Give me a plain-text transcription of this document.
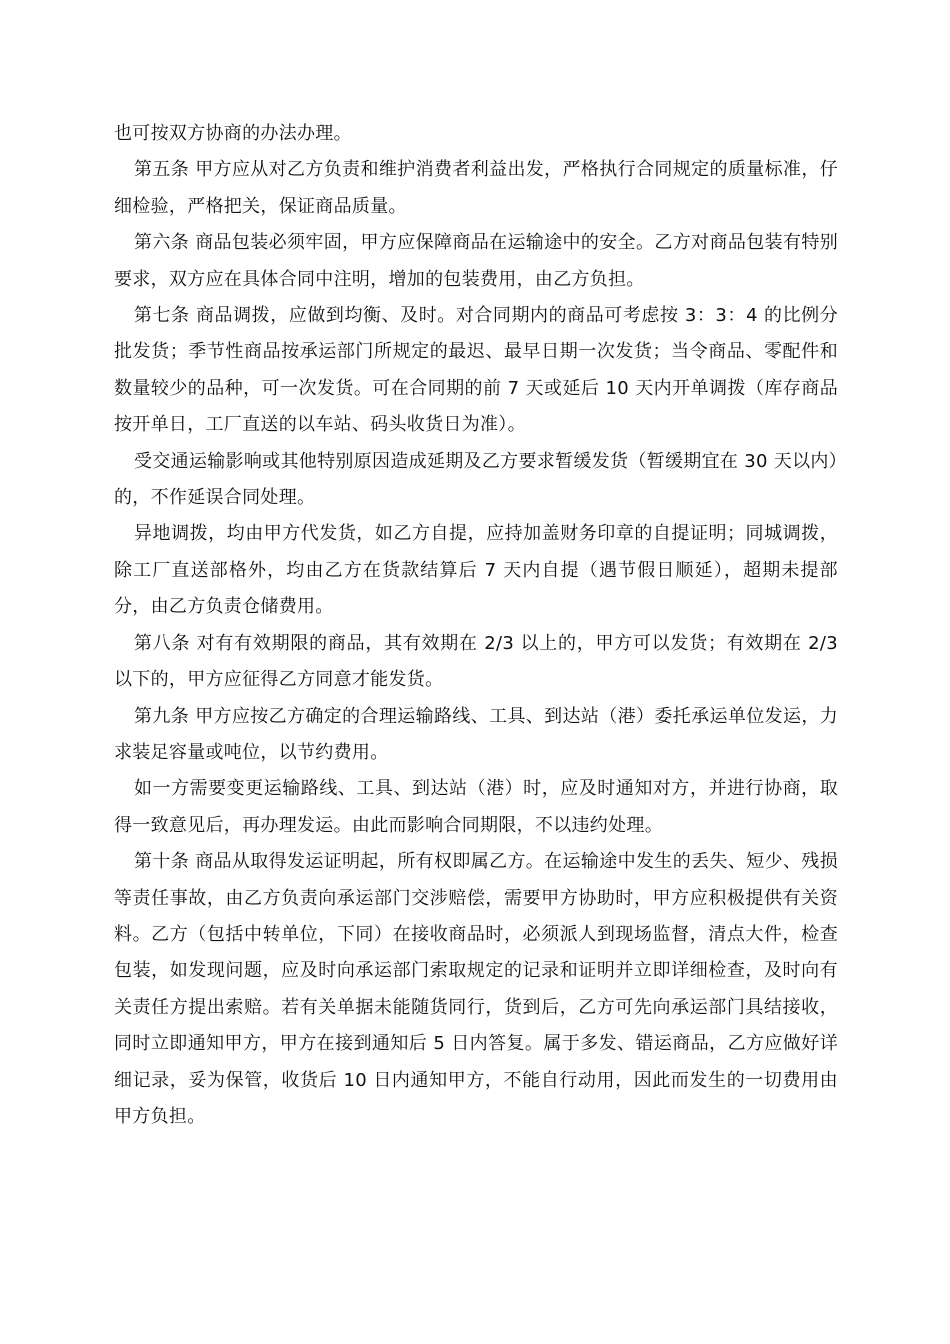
也可按双方协商的办法办理。

第五条 甲方应从对乙方负责和维护消费者利益出发，严格执行合同规定的质量标准，仔细检验，严格把关，保证商品质量。

第六条 商品包装必须牢固，甲方应保障商品在运输途中的安全。乙方对商品包装有特别要求，双方应在具体合同中注明，增加的包装费用，由乙方负担。

第七条 商品调拨，应做到均衡、及时。对合同期内的商品可考虑按 3：3：4 的比例分批发货；季节性商品按承运部门所规定的最迟、最早日期一次发货；当令商品、零配件和数量较少的品种，可一次发货。可在合同期的前 7 天或延后 10 天内开单调拨（库存商品按开单日，工厂直送的以车站、码头收货日为准）。

受交通运输影响或其他特别原因造成延期及乙方要求暂缓发货（暂缓期宜在 30 天以内）的，不作延误合同处理。

异地调拨，均由甲方代发货，如乙方自提，应持加盖财务印章的自提证明；同城调拨，除工厂直送部格外，均由乙方在货款结算后 7 天内自提（遇节假日顺延），超期未提部分，由乙方负责仓储费用。

第八条 对有有效期限的商品，其有效期在 2/3 以上的，甲方可以发货；有效期在 2/3 以下的，甲方应征得乙方同意才能发货。

第九条 甲方应按乙方确定的合理运输路线、工具、到达站（港）委托承运单位发运，力求装足容量或吨位，以节约费用。

如一方需要变更运输路线、工具、到达站（港）时，应及时通知对方，并进行协商，取得一致意见后，再办理发运。由此而影响合同期限，不以违约处理。

第十条 商品从取得发运证明起，所有权即属乙方。在运输途中发生的丢失、短少、残损等责任事故，由乙方负责向承运部门交涉赔偿，需要甲方协助时，甲方应积极提供有关资料。乙方（包括中转单位，下同）在接收商品时，必须派人到现场监督，清点大件，检查包装，如发现问题，应及时向承运部门索取规定的记录和证明并立即详细检查，及时向有关责任方提出索赔。若有关单据未能随货同行，货到后，乙方可先向承运部门具结接收，同时立即通知甲方，甲方在接到通知后 5 日内答复。属于多发、错运商品，乙方应做好详细记录，妥为保管，收货后 10 日内通知甲方，不能自行动用，因此而发生的一切费用由甲方负担。
